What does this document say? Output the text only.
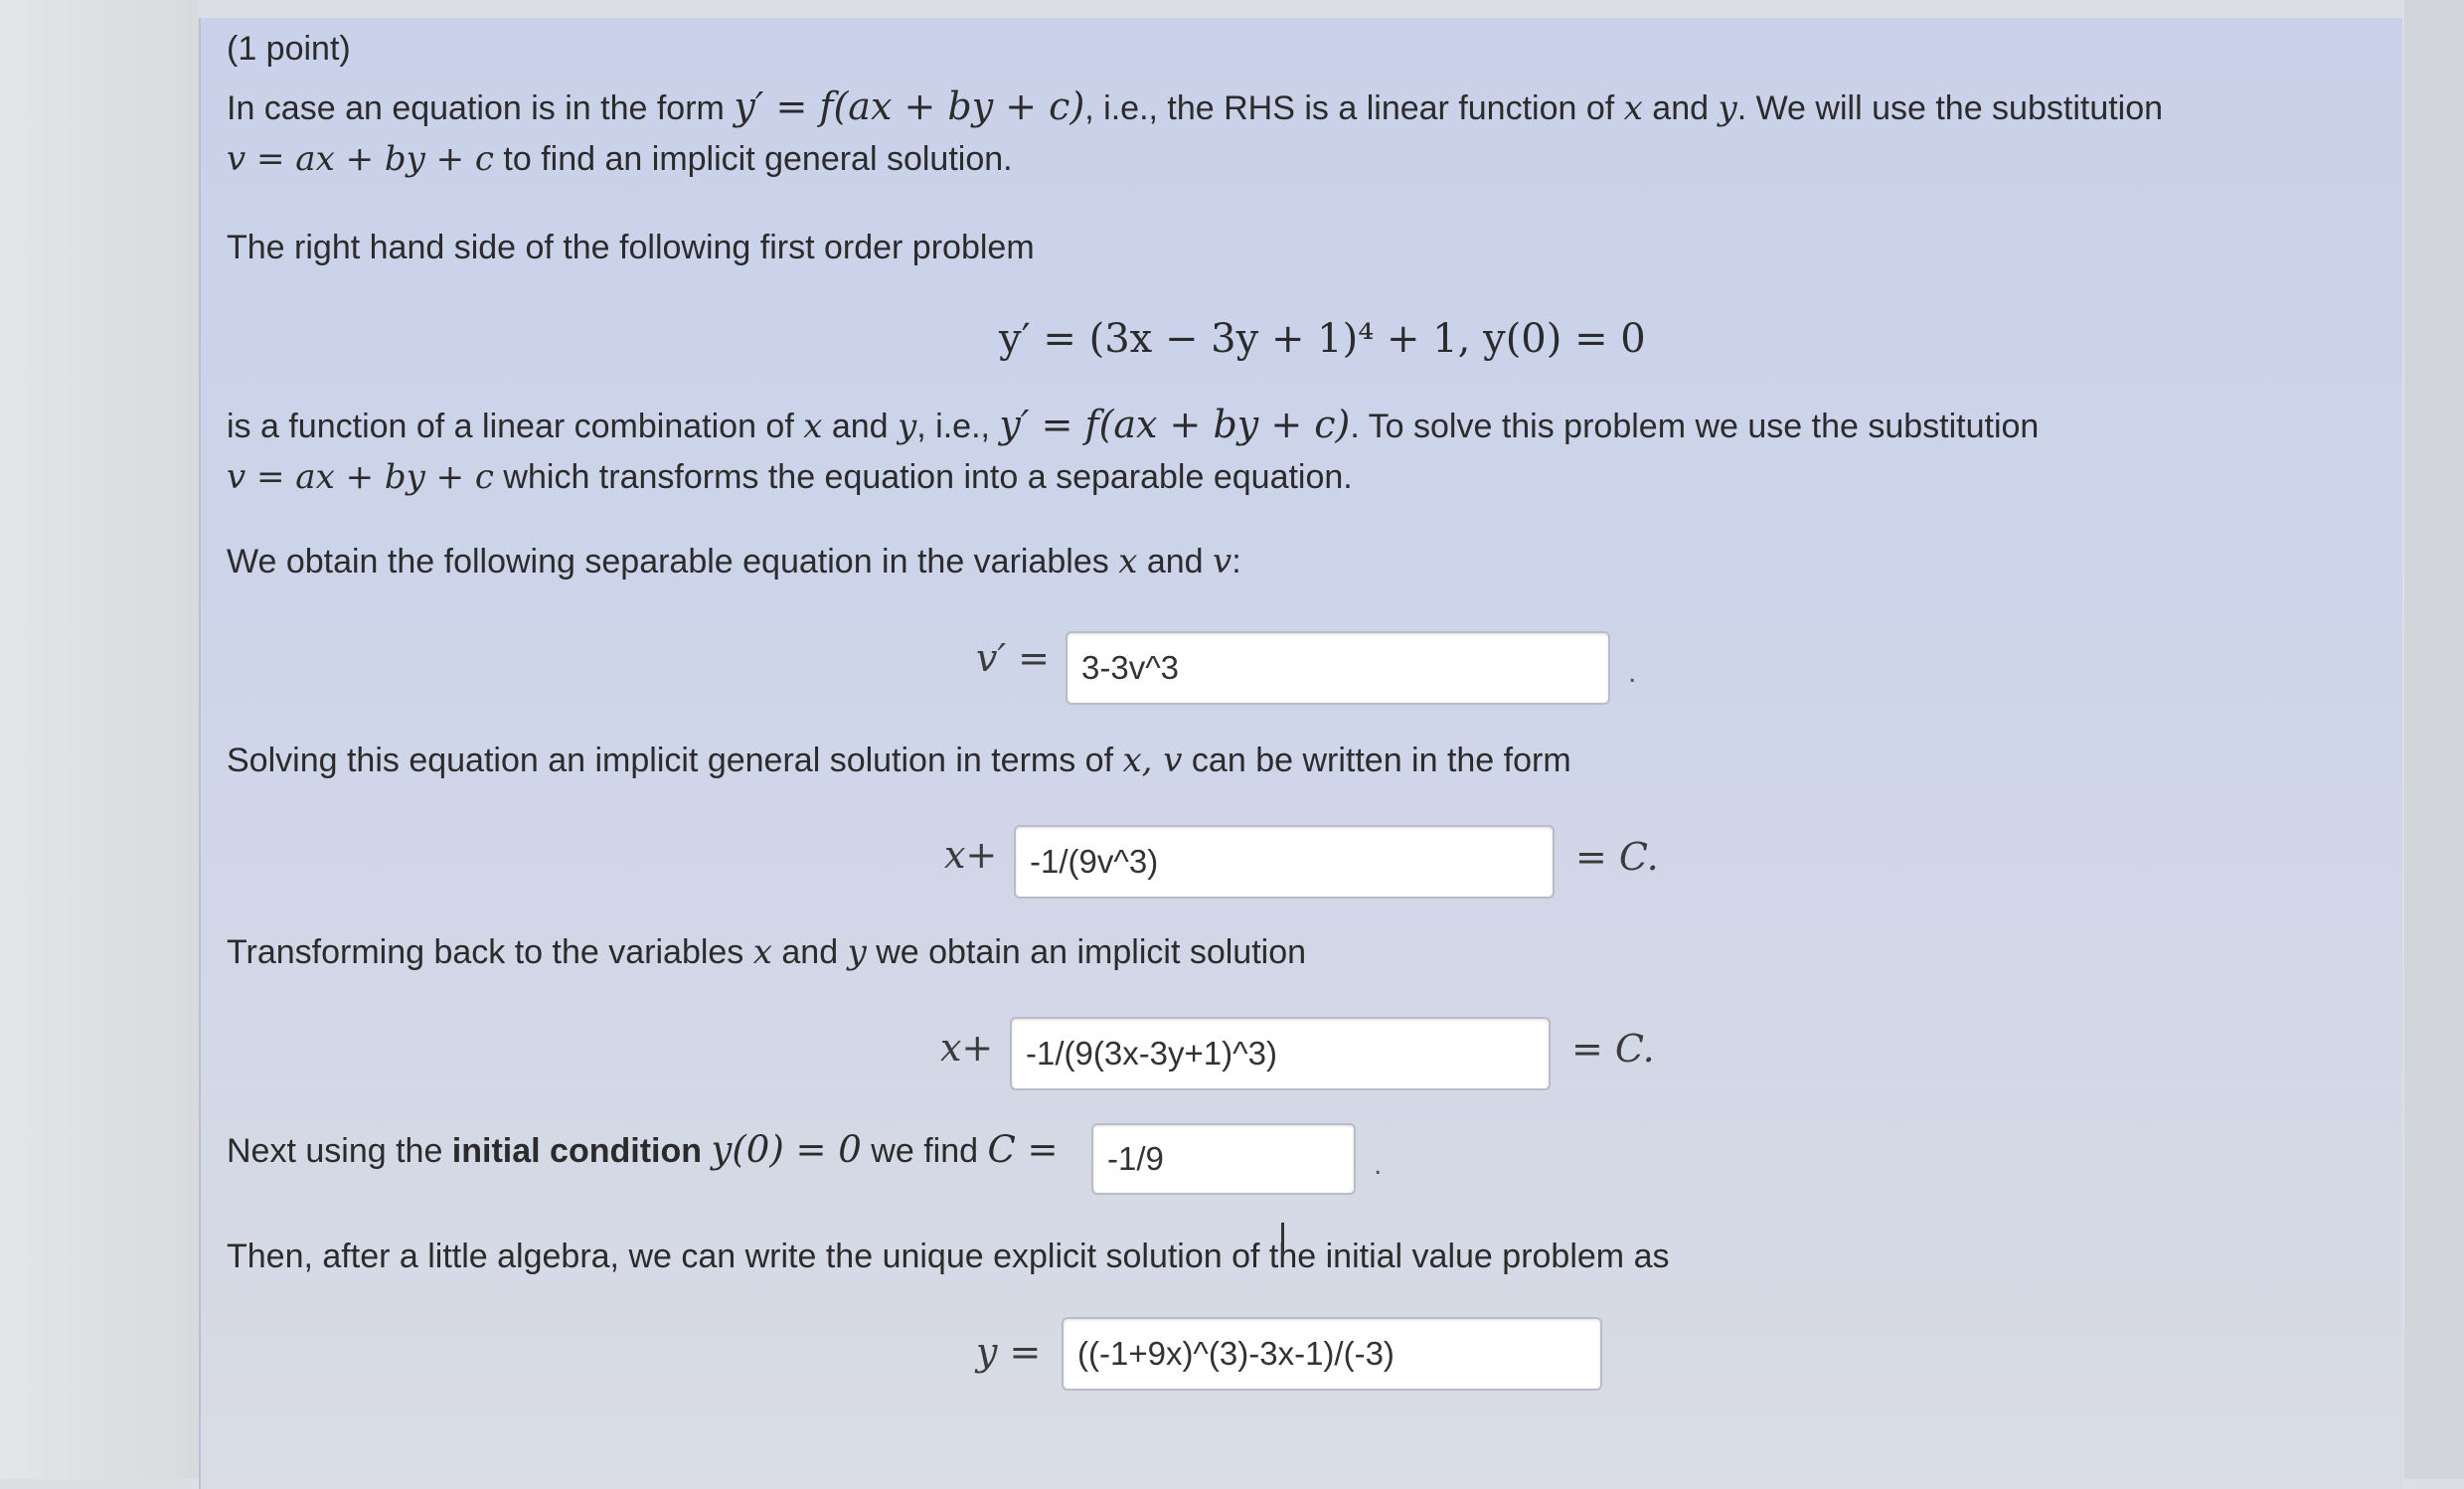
(1 point)
In case an equation is in the form y′ = f(ax + by + c), i.e., the RHS is a linear function of x and y. We will use the substitution
v = ax + by + c to find an implicit general solution.
The right hand side of the following first order problem
y′ = (3x − 3y + 1)⁴ + 1, y(0) = 0
is a function of a linear combination of x and y, i.e., y′ = f(ax + by + c). To solve this problem we use the substitution
v = ax + by + c which transforms the equation into a separable equation.
We obtain the following separable equation in the variables x and v:
v′ = 3-3v^3	.
Solving this equation an implicit general solution in terms of x, v can be written in the form
x+ -1/(9v^3)	= C.
Transforming back to the variables x and y we obtain an implicit solution
x+ -1/(9(3x-3y+1)^3)	= C.
Next using the initial condition y(0) = 0 we find C =	-1/9	.
Then, after a little algebra, we can write the unique explicit solution of the initial value problem as
y =	((-1+9x)^(3)-3x-1)/(-3)
